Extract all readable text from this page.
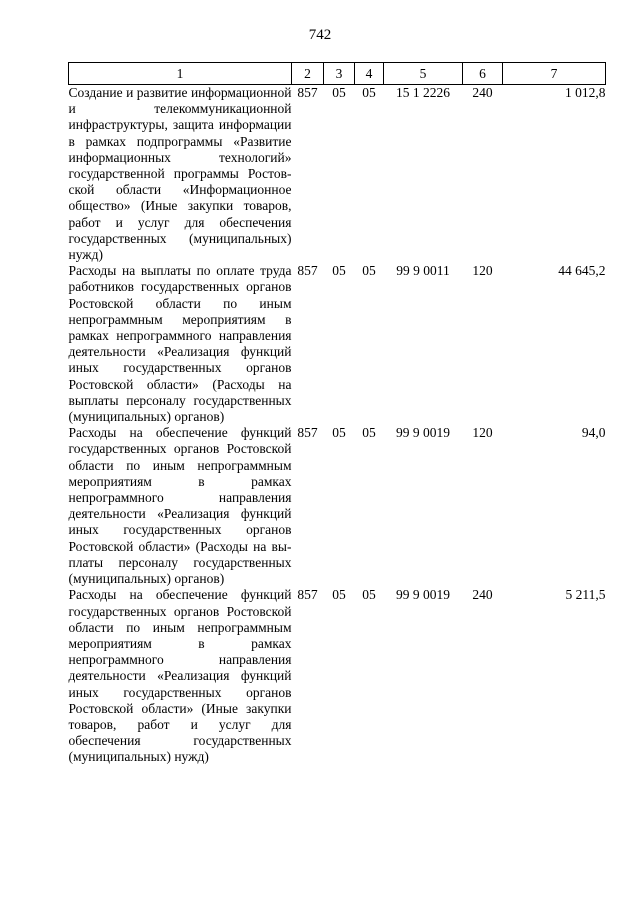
742
1	2	3	4	5	6	7
Создание и развитие информационной и телекоммуникационной инфраструктуры, защита информации в рамках подпрограммы «Развитие информационных технологий» государственной программы Ростовской области «Информационное общество» (Иные закупки товаров, работ и услуг для обеспечения государственных (муниципальных) нужд)	857	05	05	15 1 2226	240	1 012,8
Расходы на выплаты по оплате труда работников государственных органов Ростовской области по иным непрограммным мероприятиям в рамках непрограммного направления деятельности «Реализация функций иных государственных органов Ростовской области» (Расходы на выплаты персоналу государственных (муниципальных) органов)	857	05	05	99 9 0011	120	44 645,2
Расходы на обеспечение функций государственных органов Ростовской области по иным непрограммным мероприятиям в рамках непрограммного направления деятельности «Реализация функций иных государственных органов Ростовской области» (Расходы на выплаты персоналу государственных (муниципальных) органов)	857	05	05	99 9 0019	120	94,0
Расходы на обеспечение функций государственных органов Ростовской области по иным непрограммным мероприятиям в рамках непрограммного направления деятельности «Реализация функций иных государственных органов Ростовской области» (Иные закупки товаров, работ и услуг для обеспечения государственных (муниципальных) нужд)	857	05	05	99 9 0019	240	5 211,5
